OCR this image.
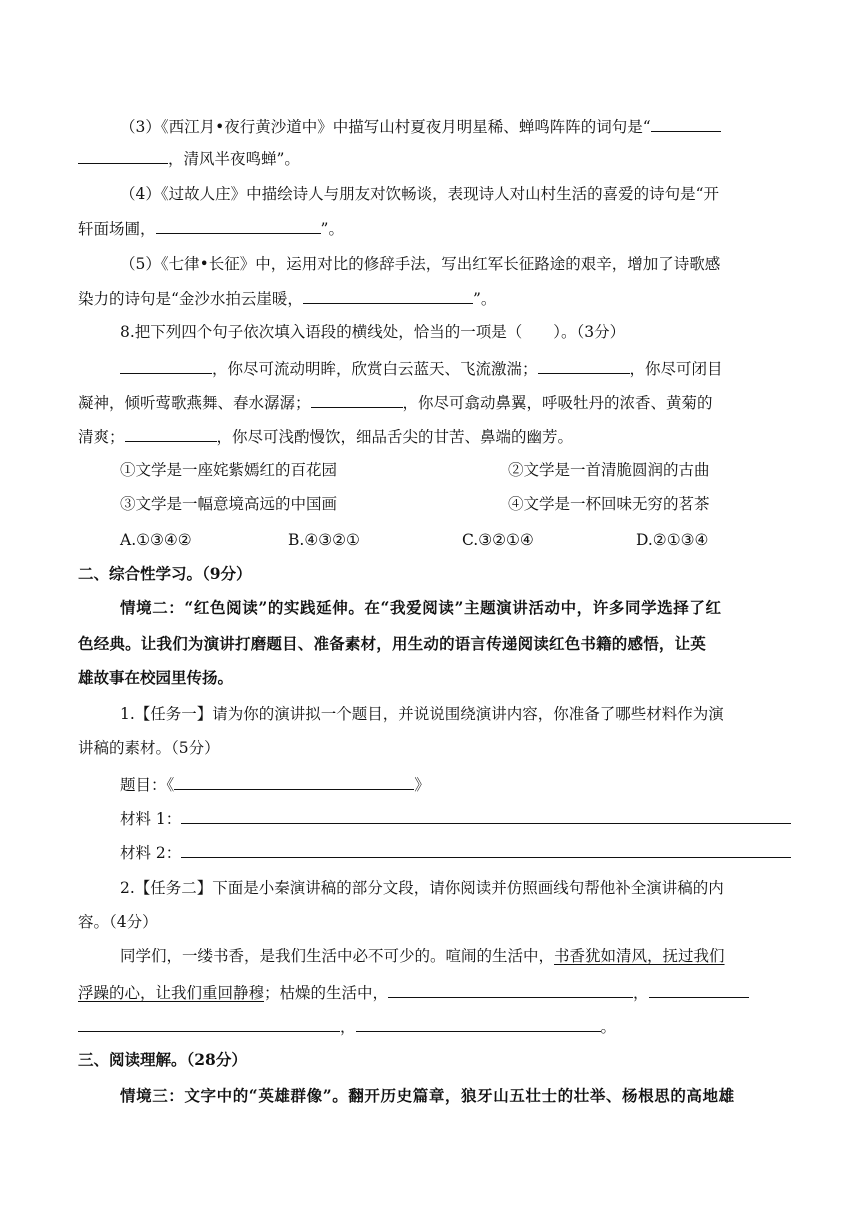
（3）《西江月•夜行黄沙道中》中描写山村夏夜月明星稀、蝉鸣阵阵的词句是“
，清风半夜鸣蝉”。
（4）《过故人庄》中描绘诗人与朋友对饮畅谈，表现诗人对山村生活的喜爱的诗句是“开
轩面场圃，	”。
（5）《七律•长征》中，运用对比的修辞手法，写出红军长征路途的艰辛，增加了诗歌感
染力的诗句是“金沙水拍云崖暖，	”。
8.把下列四个句子依次填入语段的横线处，恰当的一项是（　　）。（3分）
，你尽可流动明眸，欣赏白云蓝天、飞流激湍；	，你尽可闭目
凝神，倾听莺歌燕舞、春水潺潺；	，你尽可翕动鼻翼，呼吸牡丹的浓香、黄菊的
清爽；	，你尽可浅酌慢饮，细品舌尖的甘苦、鼻端的幽芳。
①文学是一座姹紫嫣红的百花园	②文学是一首清脆圆润的古曲
③文学是一幅意境高远的中国画	④文学是一杯回味无穷的茗茶
A.①③④②	B.④③②①	C.③②①④	D.②①③④
二、综合性学习。（9分）
情境二：“红色阅读”的实践延伸。在“我爱阅读”主题演讲活动中，许多同学选择了红
色经典。让我们为演讲打磨题目、准备素材，用生动的语言传递阅读红色书籍的感悟，让英
雄故事在校园里传扬。
1.【任务一】请为你的演讲拟一个题目，并说说围绕演讲内容，你准备了哪些材料作为演
讲稿的素材。（5分）
题目：《	》
材料 1：
材料 2：
2.【任务二】下面是小秦演讲稿的部分文段，请你阅读并仿照画线句帮他补全演讲稿的内
容。（4分）
同学们，一缕书香，是我们生活中必不可少的。喧闹的生活中，书香犹如清风，抚过我们
浮躁的心，让我们重回静穆；枯燥的生活中，	，
，	。
三、阅读理解。（28分）
情境三：文字中的“英雄群像”。翻开历史篇章，狼牙山五壮士的壮举、杨根思的高地雄
